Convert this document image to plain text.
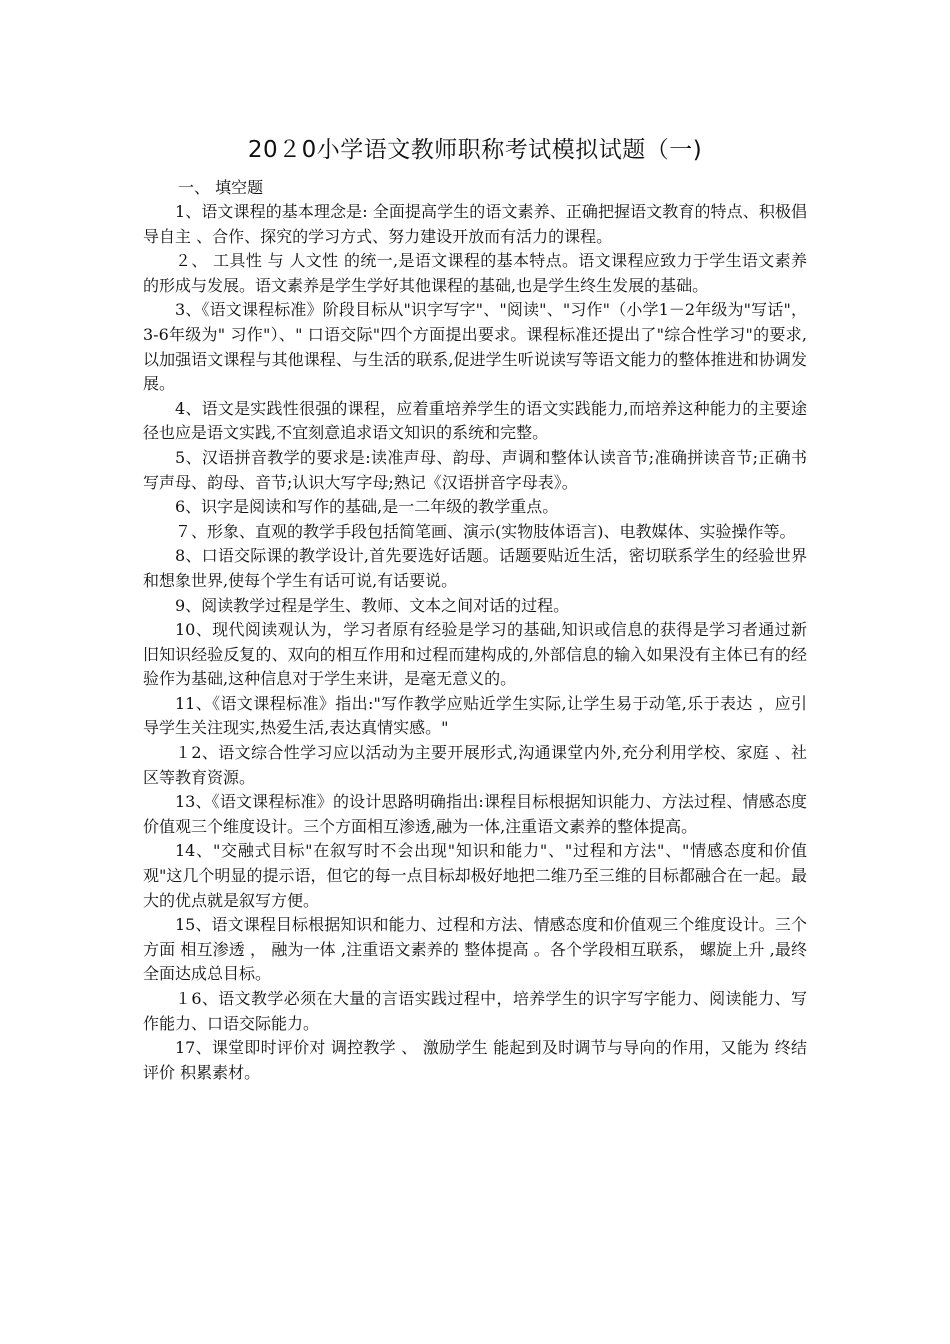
20２0小学语文教师职称考试模拟试题（一)
一、 填空题

1、语文课程的基本理念是: 全面提高学生的语文素养、正确把握语文教育的特点、积极倡导自主 、合作、探究的学习方式、努力建设开放而有活力的课程。

２、 工具性 与 人文性 的统一,是语文课程的基本特点。语文课程应致力于学生语文素养的形成与发展。语文素养是学生学好其他课程的基础,也是学生终生发展的基础。

3、《语文课程标准》阶段目标从"识字写字"、"阅读"、"习作"（小学1－2年级为"写话"，3-6年级为" 习作"）、" 口语交际"四个方面提出要求。课程标准还提出了"综合性学习"的要求,以加强语文课程与其他课程、与生活的联系,促进学生听说读写等语文能力的整体推进和协调发展。

4、语文是实践性很强的课程，应着重培养学生的语文实践能力,而培养这种能力的主要途径也应是语文实践,不宜刻意追求语文知识的系统和完整。

5、汉语拼音教学的要求是:读准声母、韵母、声调和整体认读音节;准确拼读音节;正确书写声母、韵母、音节;认识大写字母;熟记《汉语拼音字母表》。

6、识字是阅读和写作的基础,是一二年级的教学重点。

７、形象、直观的教学手段包括简笔画、演示(实物肢体语言)、电教媒体、实验操作等。

8、口语交际课的教学设计,首先要选好话题。话题要贴近生活，密切联系学生的经验世界和想象世界,使每个学生有话可说,有话要说。

9、阅读教学过程是学生、教师、文本之间对话的过程。

10、现代阅读观认为，学习者原有经验是学习的基础,知识或信息的获得是学习者通过新旧知识经验反复的、双向的相互作用和过程而建构成的,外部信息的输入如果没有主体已有的经验作为基础,这种信息对于学生来讲，是毫无意义的。

11、《语文课程标准》指出:"写作教学应贴近学生实际,让学生易于动笔,乐于表达 ，应引导学生关注现实,热爱生活,表达真情实感。"

１2、语文综合性学习应以活动为主要开展形式,沟通课堂内外,充分利用学校、家庭 、社区等教育资源。

13、《语文课程标准》的设计思路明确指出:课程目标根据知识能力、方法过程、情感态度价值观三个维度设计。三个方面相互渗透,融为一体,注重语文素养的整体提高。

14、"交融式目标"在叙写时不会出现"知识和能力"、"过程和方法"、"情感态度和价值观"这几个明显的提示语，但它的每一点目标却极好地把二维乃至三维的目标都融合在一起。最大的优点就是叙写方便。

15、语文课程目标根据知识和能力、过程和方法、情感态度和价值观三个维度设计。三个方面 相互渗透 ， 融为一体 ,注重语文素养的 整体提高 。各个学段相互联系， 螺旋上升 ,最终全面达成总目标。

１6、语文教学必须在大量的言语实践过程中，培养学生的识字写字能力、阅读能力、写作能力、口语交际能力。

17、课堂即时评价对 调控教学 、 激励学生 能起到及时调节与导向的作用，又能为 终结评价 积累素材。
